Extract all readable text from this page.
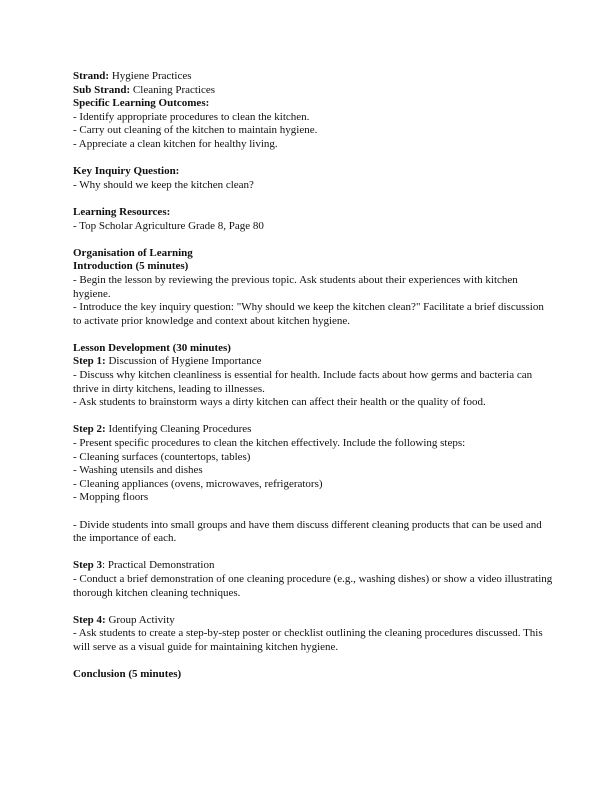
Strand: Hygiene Practices

Sub Strand: Cleaning Practices

Specific Learning Outcomes:

- Identify appropriate procedures to clean the kitchen.

- Carry out cleaning of the kitchen to maintain hygiene.

- Appreciate a clean kitchen for healthy living.

Key Inquiry Question:

- Why should we keep the kitchen clean?

Learning Resources:

- Top Scholar Agriculture Grade 8, Page 80

Organisation of Learning

Introduction (5 minutes)

- Begin the lesson by reviewing the previous topic. Ask students about their experiences with kitchen hygiene.

- Introduce the key inquiry question: "Why should we keep the kitchen clean?" Facilitate a brief discussion to activate prior knowledge and context about kitchen hygiene.

Lesson Development (30 minutes)

Step 1: Discussion of Hygiene Importance

- Discuss why kitchen cleanliness is essential for health. Include facts about how germs and bacteria can thrive in dirty kitchens, leading to illnesses.

- Ask students to brainstorm ways a dirty kitchen can affect their health or the quality of food.

Step 2: Identifying Cleaning Procedures

- Present specific procedures to clean the kitchen effectively. Include the following steps:

- Cleaning surfaces (countertops, tables)

- Washing utensils and dishes

- Cleaning appliances (ovens, microwaves, refrigerators)

- Mopping floors

- Divide students into small groups and have them discuss different cleaning products that can be used and the importance of each.

Step 3: Practical Demonstration

- Conduct a brief demonstration of one cleaning procedure (e.g., washing dishes) or show a video illustrating thorough kitchen cleaning techniques.

Step 4: Group Activity

- Ask students to create a step-by-step poster or checklist outlining the cleaning procedures discussed. This will serve as a visual guide for maintaining kitchen hygiene.

Conclusion (5 minutes)
